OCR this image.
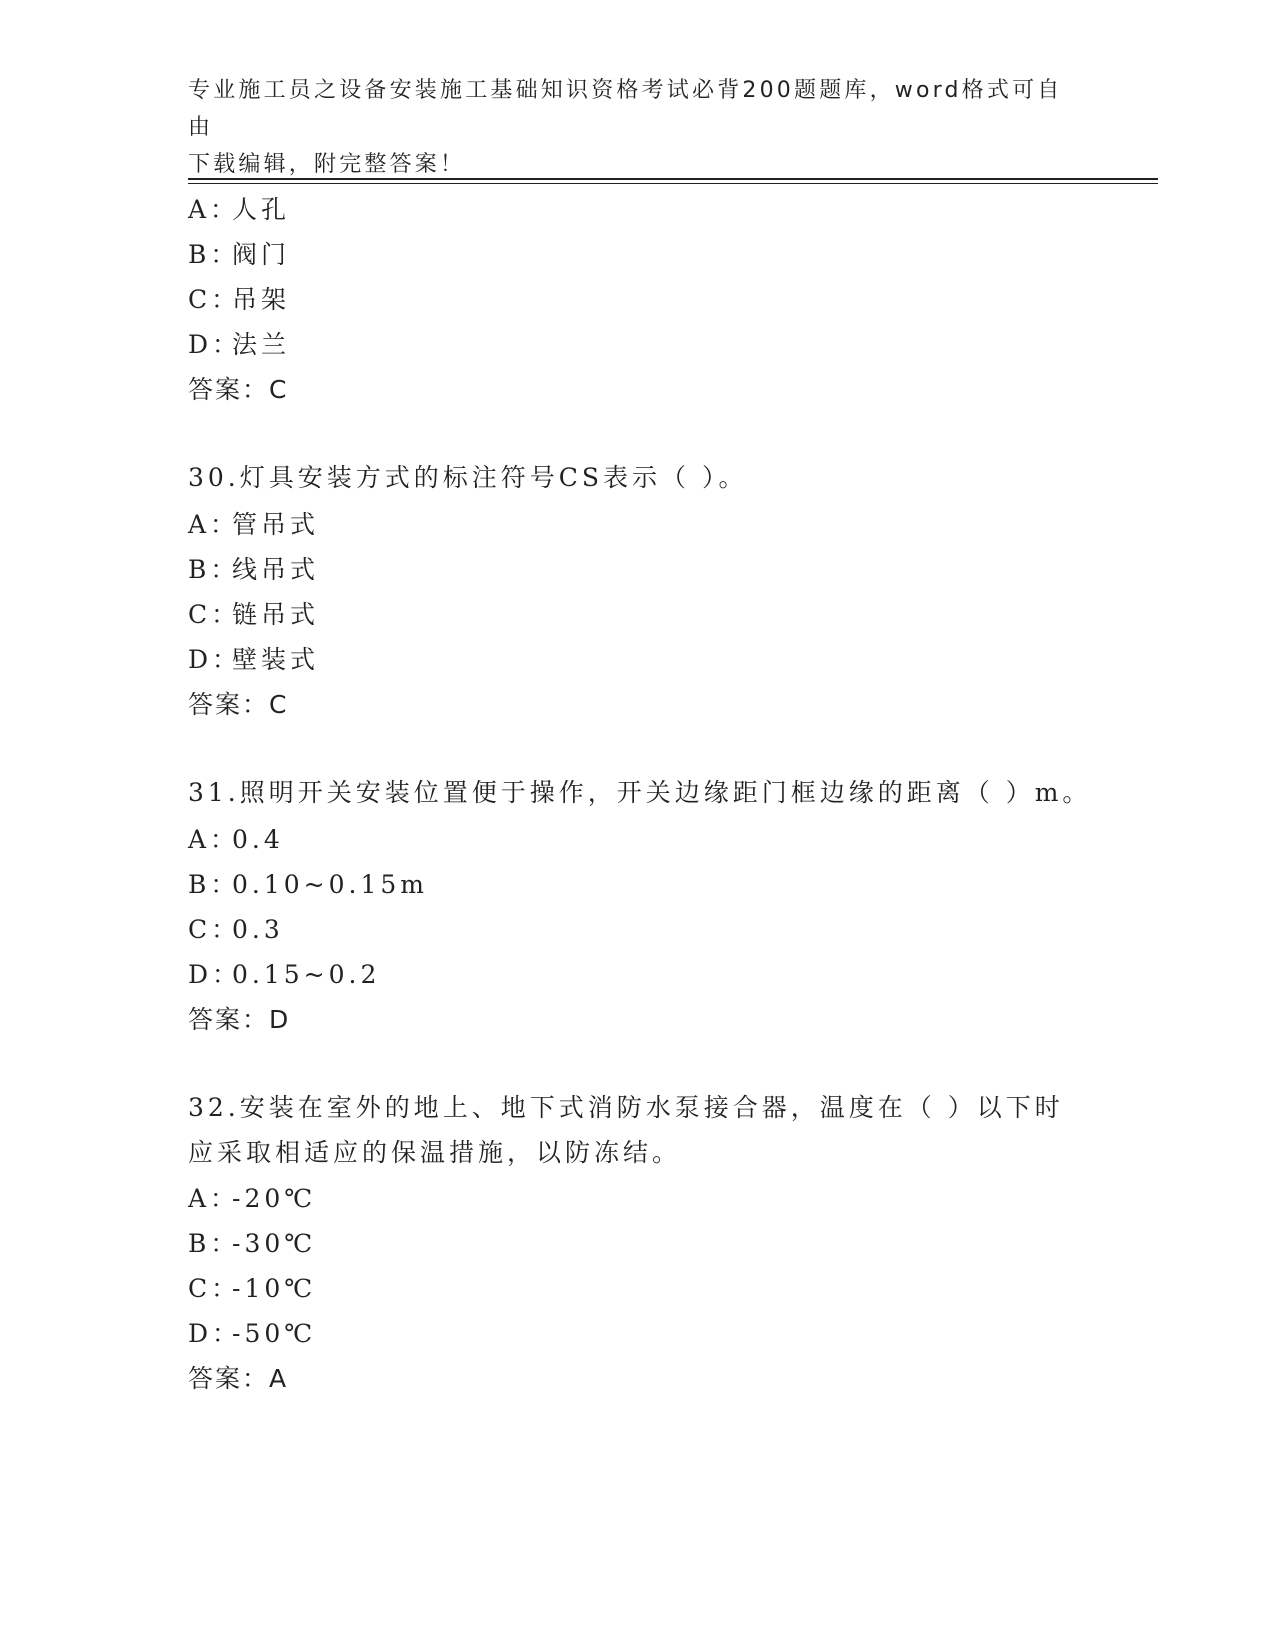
专业施工员之设备安装施工基础知识资格考试必背200题题库，word格式可自由
下载编辑，附完整答案！
A：人孔
B：阀门
C：吊架
D：法兰
答案：C
30.灯具安装方式的标注符号CS表示（ ）。
A：管吊式
B：线吊式
C：链吊式
D：壁装式
答案：C
31.照明开关安装位置便于操作，开关边缘距门框边缘的距离（ ）m。
A：0.4
B：0.10~0.15m
C：0.3
D：0.15~0.2
答案：D
32.安装在室外的地上、地下式消防水泵接合器，温度在（ ）以下时
应采取相适应的保温措施，以防冻结。
A：-20℃
B：-30℃
C：-10℃
D：-50℃
答案：A
